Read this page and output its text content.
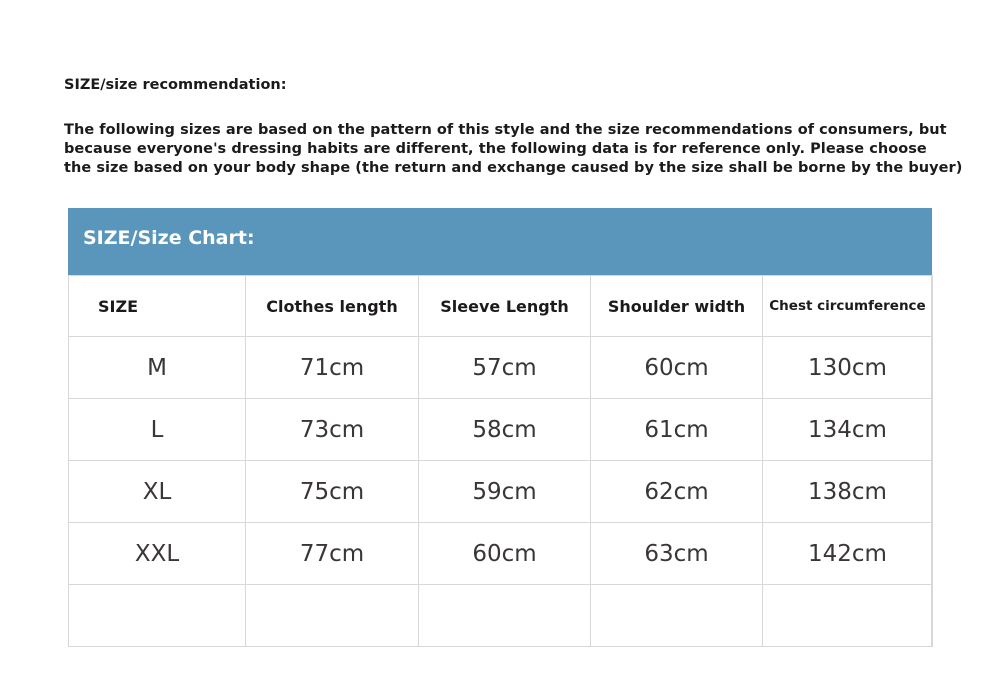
SIZE/size recommendation:
The following sizes are based on the pattern of this style and the size recommendations of consumers, but
because everyone's dressing habits are different, the following data is for reference only. Please choose
the size based on your body shape (the return and exchange caused by the size shall be borne by the buyer)
SIZE/Size Chart:
SIZE	Clothes length	Sleeve Length	Shoulder width	Chest circumference
M	71cm	57cm	60cm	130cm
L	73cm	58cm	61cm	134cm
XL	75cm	59cm	62cm	138cm
XXL	77cm	60cm	63cm	142cm
